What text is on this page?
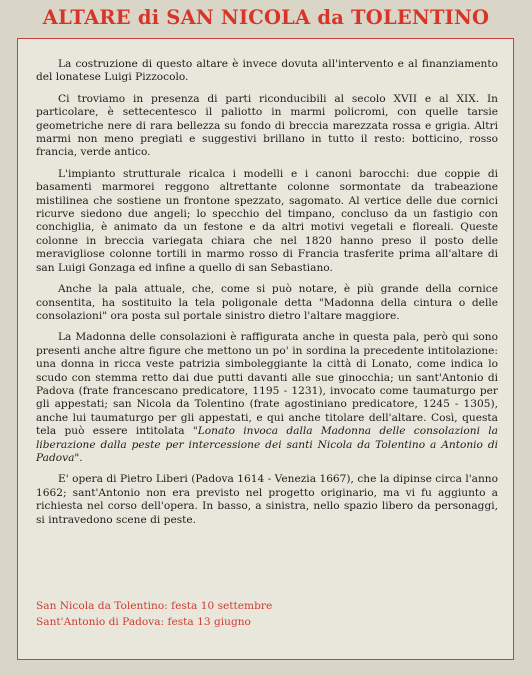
ALTARE di SAN NICOLA da TOLENTINO

La costruzione di questo altare è invece dovuta all'intervento e al finanziamento del lonatese Luigi Pizzocolo.

Ci troviamo in presenza di parti riconducibili al secolo XVII e al XIX. In particolare, è settecentesco il paliotto in marmi policromi, con quelle tarsie geometriche nere di rara bellezza su fondo di breccia marezzata rossa e grigia. Altri marmi non meno pregiati e suggestivi brillano in tutto il resto: botticino, rosso francia, verde antico.

L'impianto strutturale ricalca i modelli e i canoni barocchi: due coppie di basamenti marmorei reggono altrettante colonne sormontate da trabeazione mistilinea che sostiene un frontone spezzato, sagomato. Al vertice delle due cornici ricurve siedono due angeli; lo specchio del timpano, concluso da un fastigio con conchiglia, è animato da un festone e da altri motivi vegetali e floreali. Queste colonne in breccia variegata chiara che nel 1820 hanno preso il posto delle meravigliose colonne tortili in marmo rosso di Francia trasferite prima all'altare di san Luigi Gonzaga ed infine a quello di san Sebastiano.

Anche la pala attuale, che, come si può notare, è più grande della cornice consentita, ha sostituito la tela poligonale detta "Madonna della cintura o delle consolazioni" ora posta sul portale sinistro dietro l'altare maggiore.

La Madonna delle consolazioni è raffigurata anche in questa pala, però qui sono presenti anche altre figure che mettono un po' in sordina la precedente intitolazione: una donna in ricca veste patrizia simboleggiante la città di Lonato, come indica lo scudo con stemma retto dai due putti davanti alle sue ginocchia; un sant'Antonio di Padova (frate francescano predicatore, 1195 - 1231), invocato come taumaturgo per gli appestati; san Nicola da Tolentino (frate agostiniano predicatore, 1245 - 1305), anche lui taumaturgo per gli appestati, e qui anche titolare dell'altare. Così, questa tela può essere intitolata "Lonato invoca dalla Madonna delle consolazioni la liberazione dalla peste per intercessione dei santi Nicola da Tolentino a Antonio di Padova".

E' opera di Pietro Liberi (Padova 1614 - Venezia 1667), che la dipinse circa l'anno 1662; sant'Antonio non era previsto nel progetto originario, ma vi fu aggiunto a richiesta nel corso dell'opera. In basso, a sinistra, nello spazio libero da personaggi, si intravedono scene di peste.

San Nicola da Tolentino: festa 10 settembre
Sant'Antonio di Padova: festa 13 giugno
